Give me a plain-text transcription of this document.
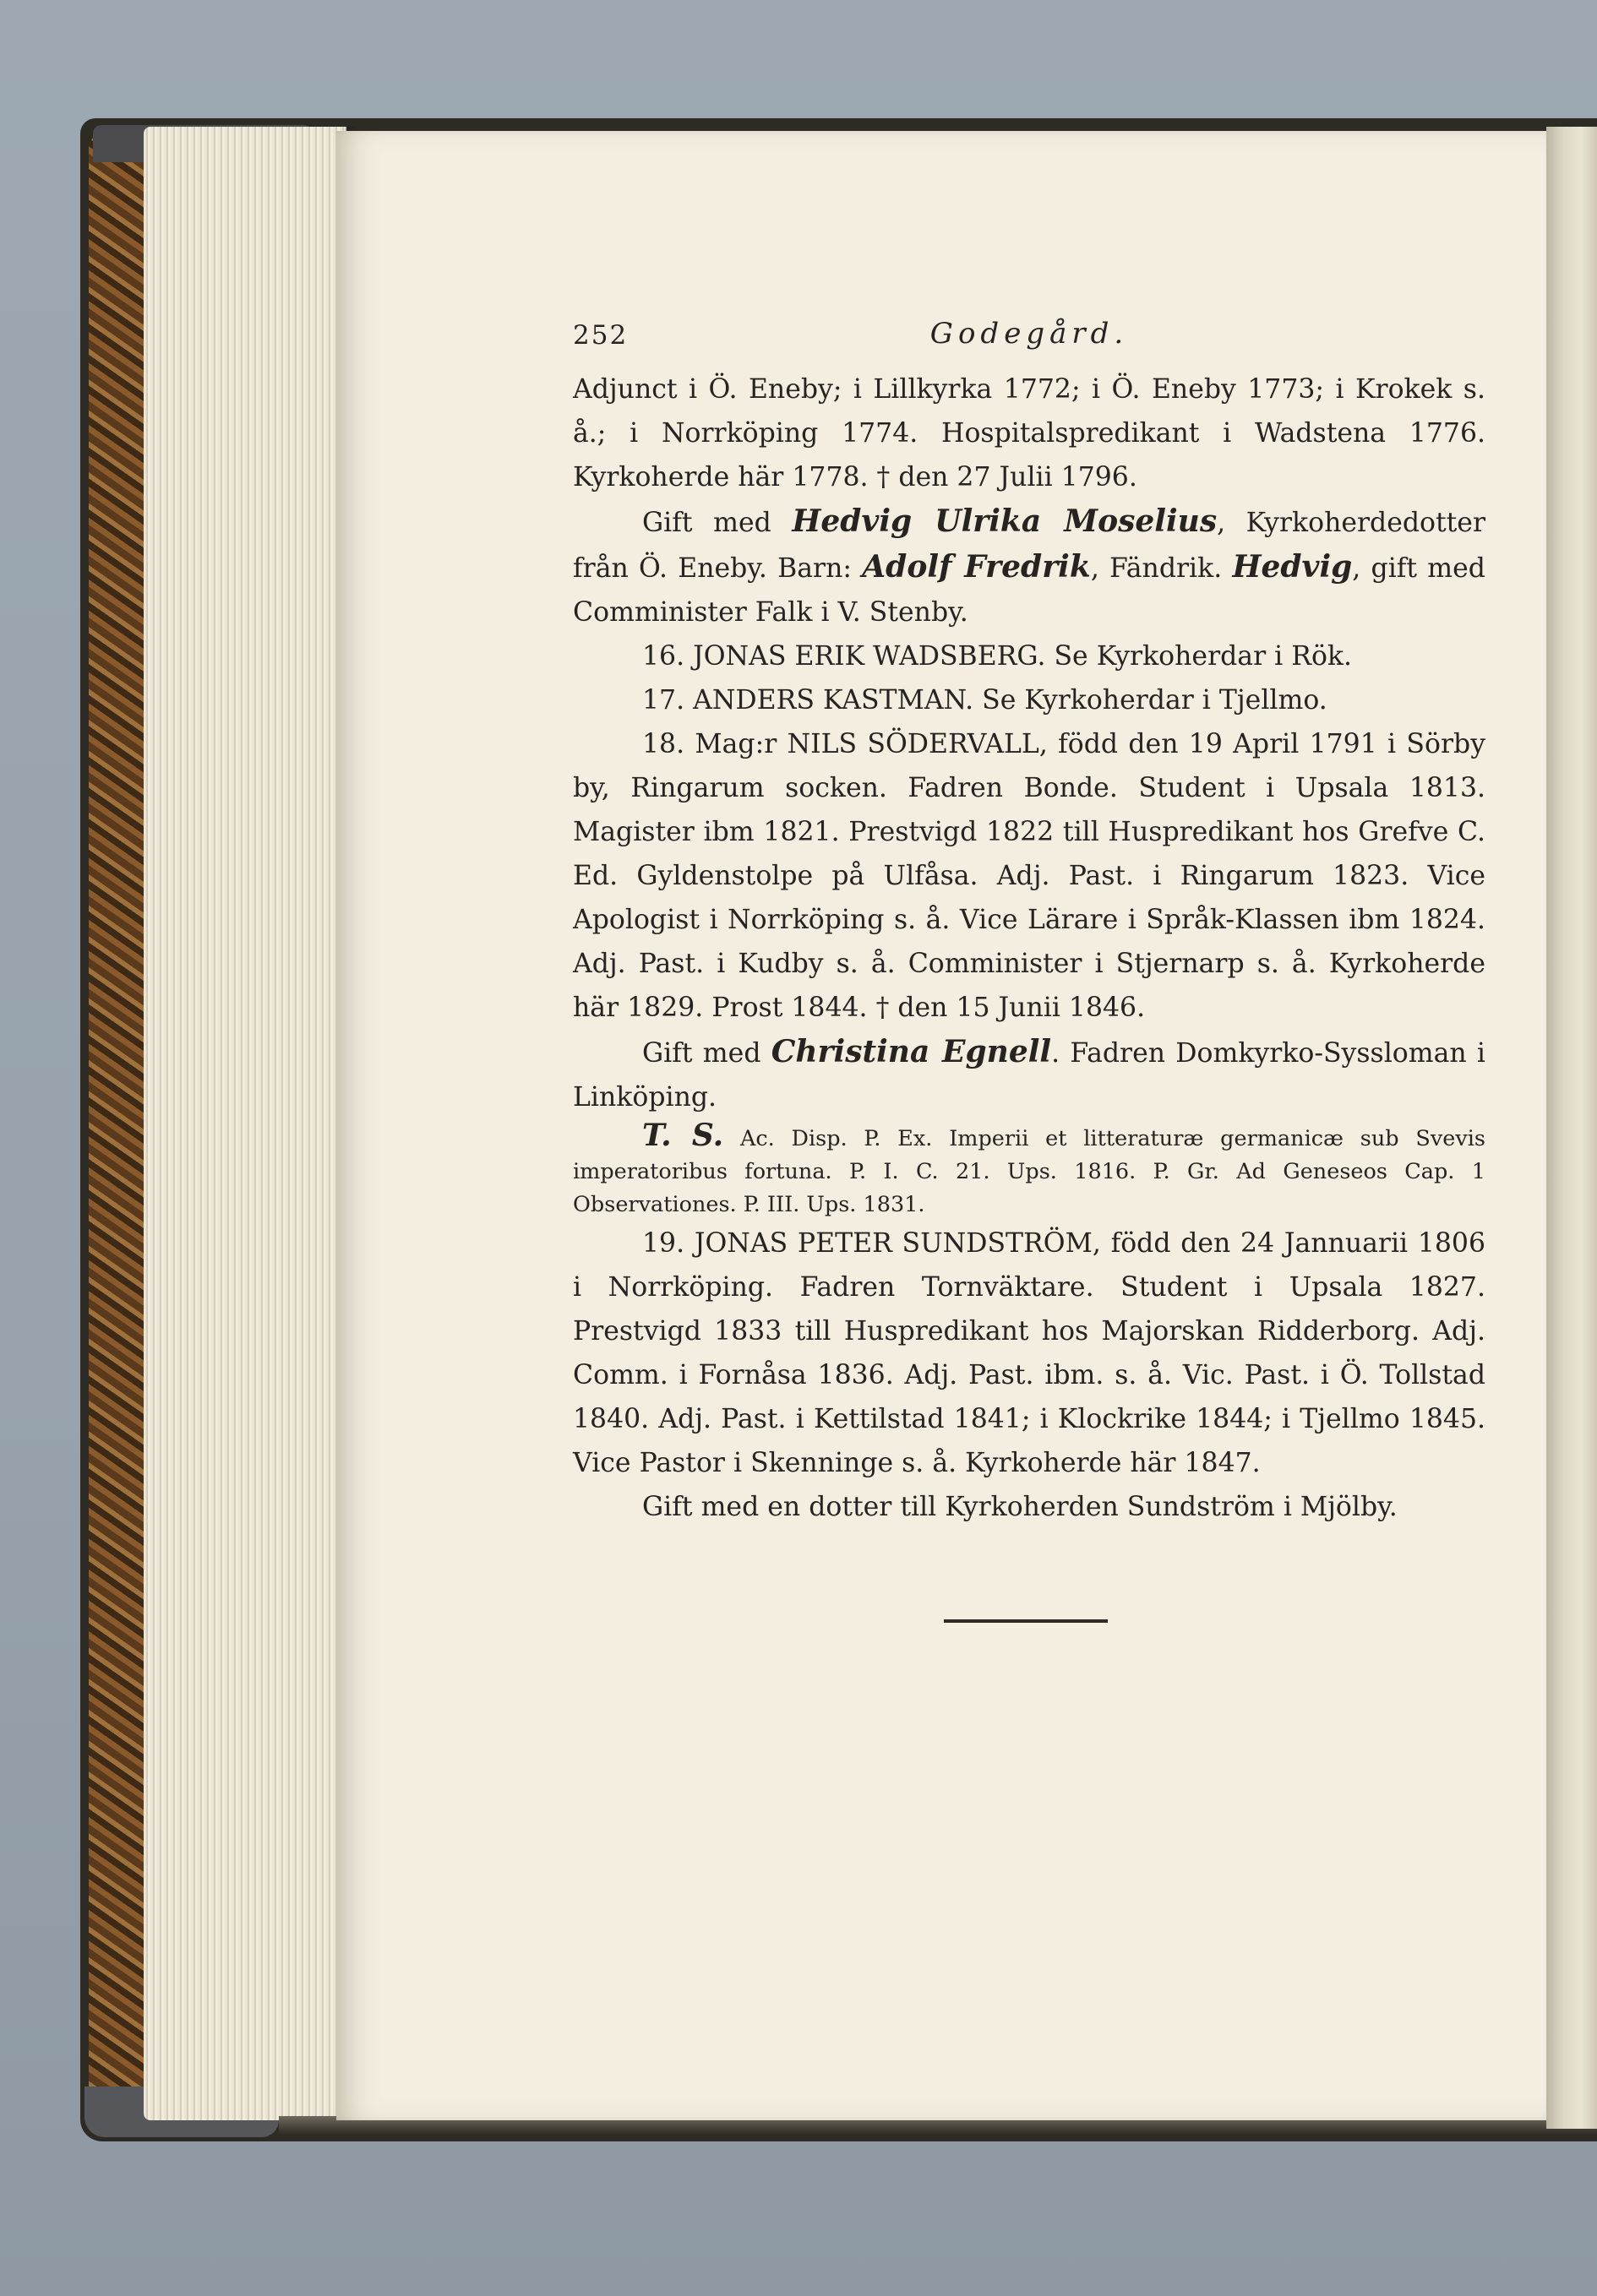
252	Godegård.

Adjunct i Ö. Eneby; i Lillkyrka 1772; i Ö. Eneby 1773; i Krokek s. å.; i Norrköping 1774. Hospitalspredikant i Wadstena 1776. Kyrkoherde här 1778. † den 27 Julii 1796.

Gift med Hedvig Ulrika Moselius, Kyrkoherdedotter från Ö. Eneby. Barn: Adolf Fredrik, Fändrik. Hedvig, gift med Comminister Falk i V. Stenby.

16. JONAS ERIK WADSBERG. Se Kyrkoherdar i Rök.

17. ANDERS KASTMAN. Se Kyrkoherdar i Tjellmo.

18. Mag:r NILS SÖDERVALL, född den 19 April 1791 i Sörby by, Ringarum socken. Fadren Bonde. Student i Upsala 1813. Magister ibm 1821. Prestvigd 1822 till Huspredikant hos Grefve C. Ed. Gyldenstolpe på Ulfåsa. Adj. Past. i Ringarum 1823. Vice Apologist i Norrköping s. å. Vice Lärare i Språk-Klassen ibm 1824. Adj. Past. i Kudby s. å. Comminister i Stjernarp s. å. Kyrkoherde här 1829. Prost 1844. † den 15 Junii 1846.

Gift med Christina Egnell. Fadren Domkyrko-Syssloman i Linköping.

T. S. Ac. Disp. P. Ex. Imperii et litteraturæ germanicæ sub Svevis imperatoribus fortuna. P. I. C. 21. Ups. 1816. P. Gr. Ad Geneseos Cap. 1 Observationes. P. III. Ups. 1831.

19. JONAS PETER SUNDSTRÖM, född den 24 Jannuarii 1806 i Norrköping. Fadren Tornväktare. Student i Upsala 1827. Prestvigd 1833 till Huspredikant hos Majorskan Ridderborg. Adj. Comm. i Fornåsa 1836. Adj. Past. ibm. s. å. Vic. Past. i Ö. Tollstad 1840. Adj. Past. i Kettilstad 1841; i Klockrike 1844; i Tjellmo 1845. Vice Pastor i Skenninge s. å. Kyrkoherde här 1847.

Gift med en dotter till Kyrkoherden Sundström i Mjölby.
